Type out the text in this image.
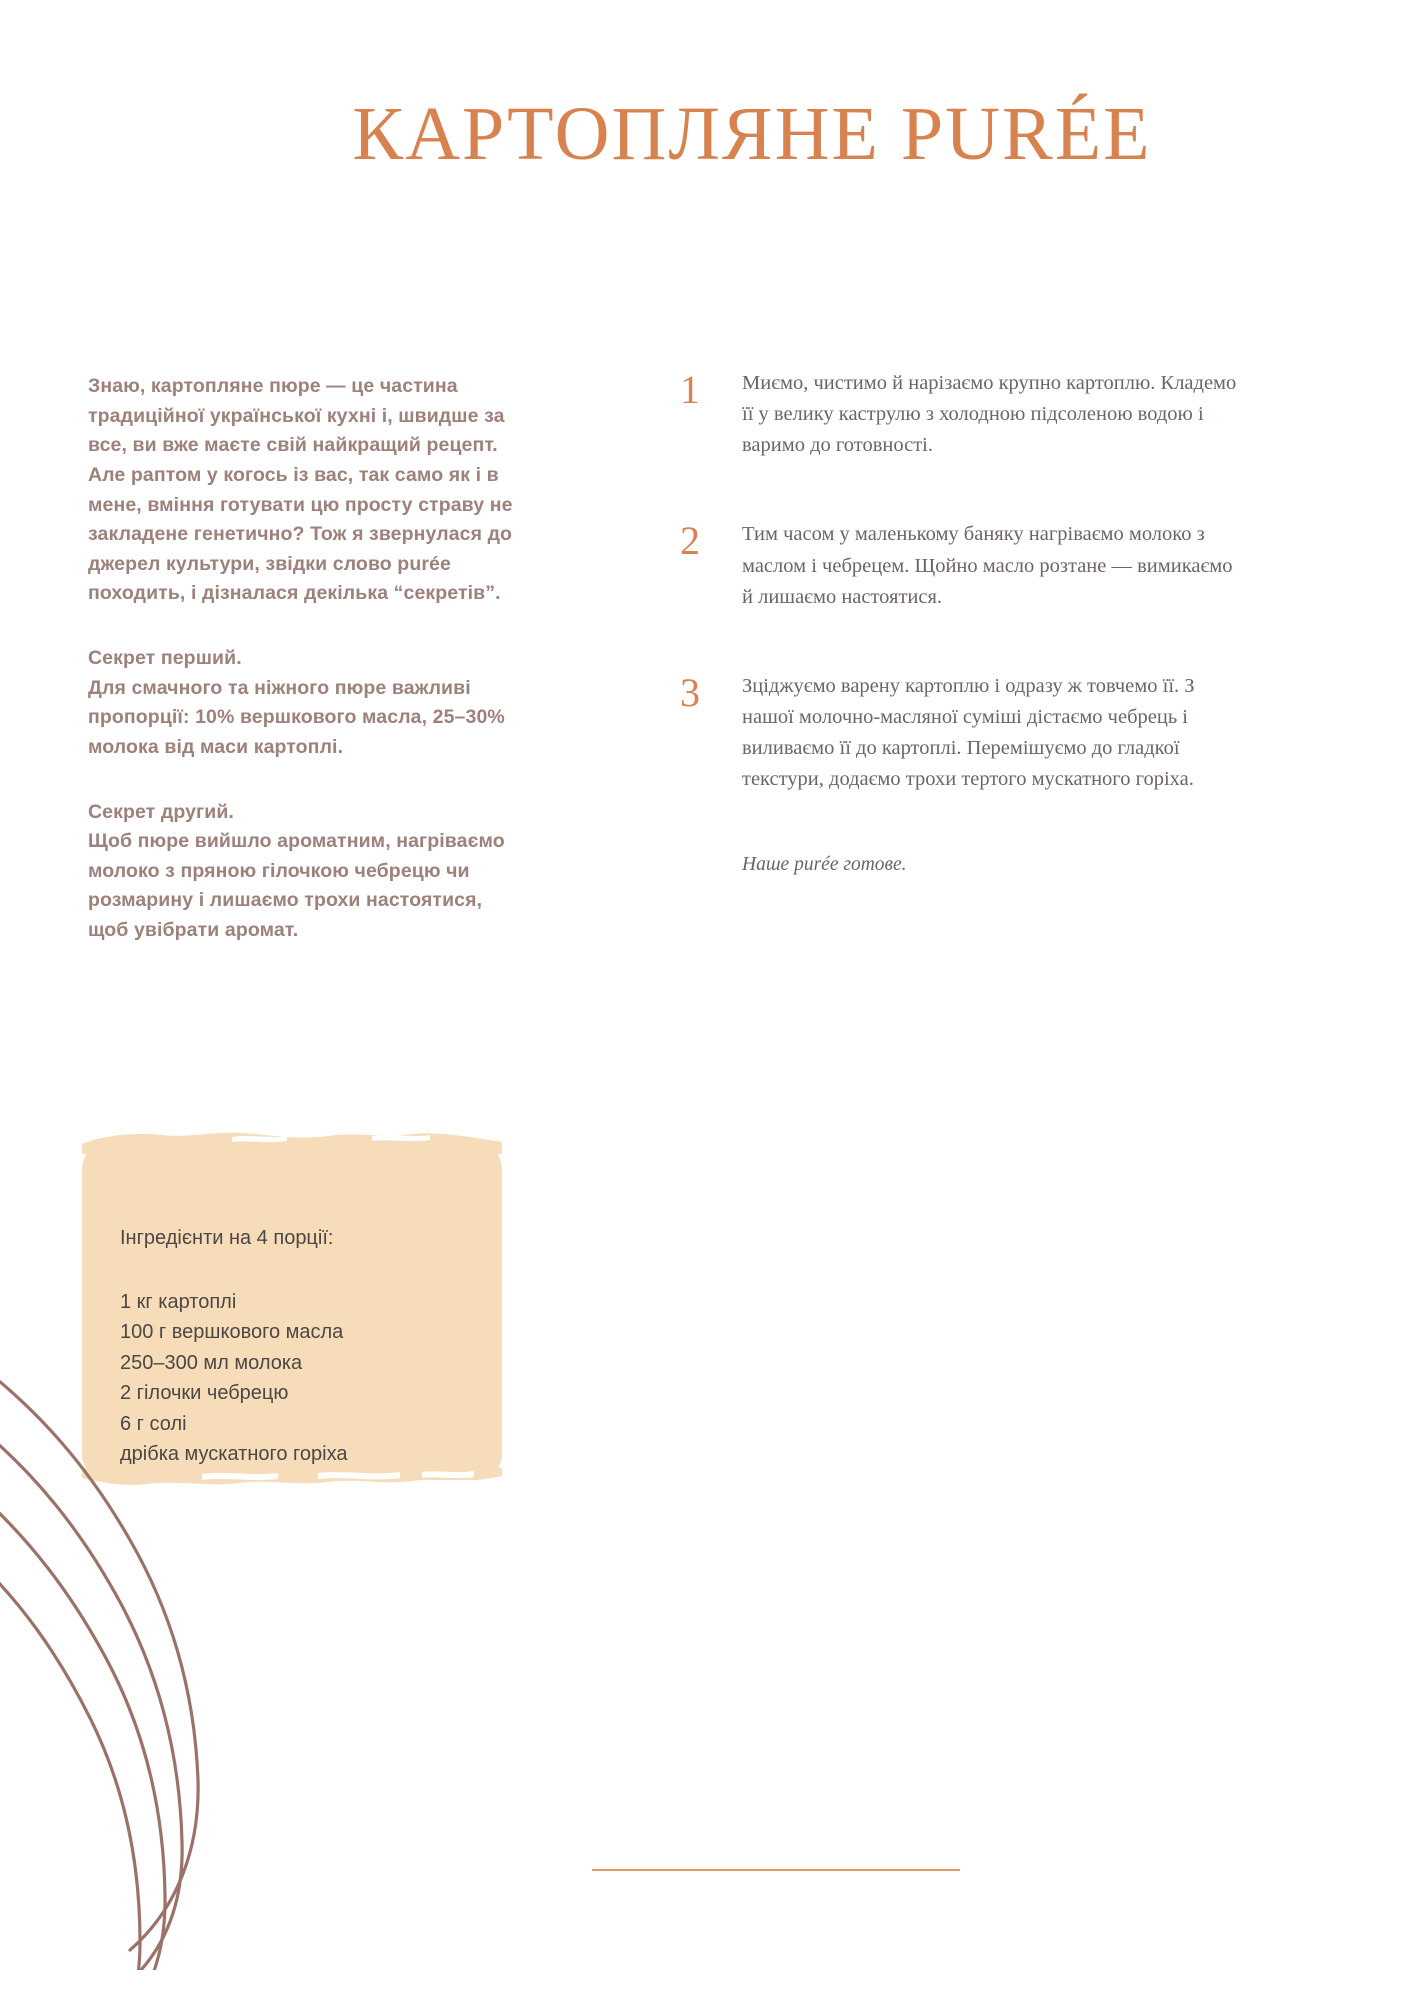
КАРТОПЛЯНЕ PURÉE
Знаю, картопляне пюре — це частина традиційної української кухні і, швидше за все, ви вже маєте свій найкращий рецепт. Але раптом у когось із вас, так само як і в мене, вміння готувати цю просту страву не закладене генетично? Тож я звернулася до джерел культури, звідки слово purée походить, і дізналася декілька “секретів”.
Секрет перший.
Для смачного та ніжного пюре важливі пропорції: 10% вершкового масла, 25–30% молока від маси картоплі.
Секрет другий.
Щоб пюре вийшло ароматним, нагріваємо молоко з пряною гілочкою чебрецю чи розмарину і лишаємо трохи настоятися, щоб увібрати аромат.
1	Миємо, чистимо й нарізаємо крупно картоплю. Кладемо її у велику каструлю з холодною підсоленою водою і варимо до готовності.
2	Тим часом у маленькому баняку нагріваємо молоко з маслом і чебрецем. Щойно масло розтане — вимикаємо й лишаємо настоятися.
3	Зціджуємо варену картоплю і одразу ж товчемо її. З нашої молочно-масляної суміші дістаємо чебрець і виливаємо її до картоплі. Перемішуємо до гладкої текстури, додаємо трохи тертого мускатного горіха.
Наше purée готове.
Інгредієнти на 4 порції:
1 кг картоплі
100 г вершкового масла
250–300 мл молока
2 гілочки чебрецю
6 г солі
дрібка мускатного горіха
